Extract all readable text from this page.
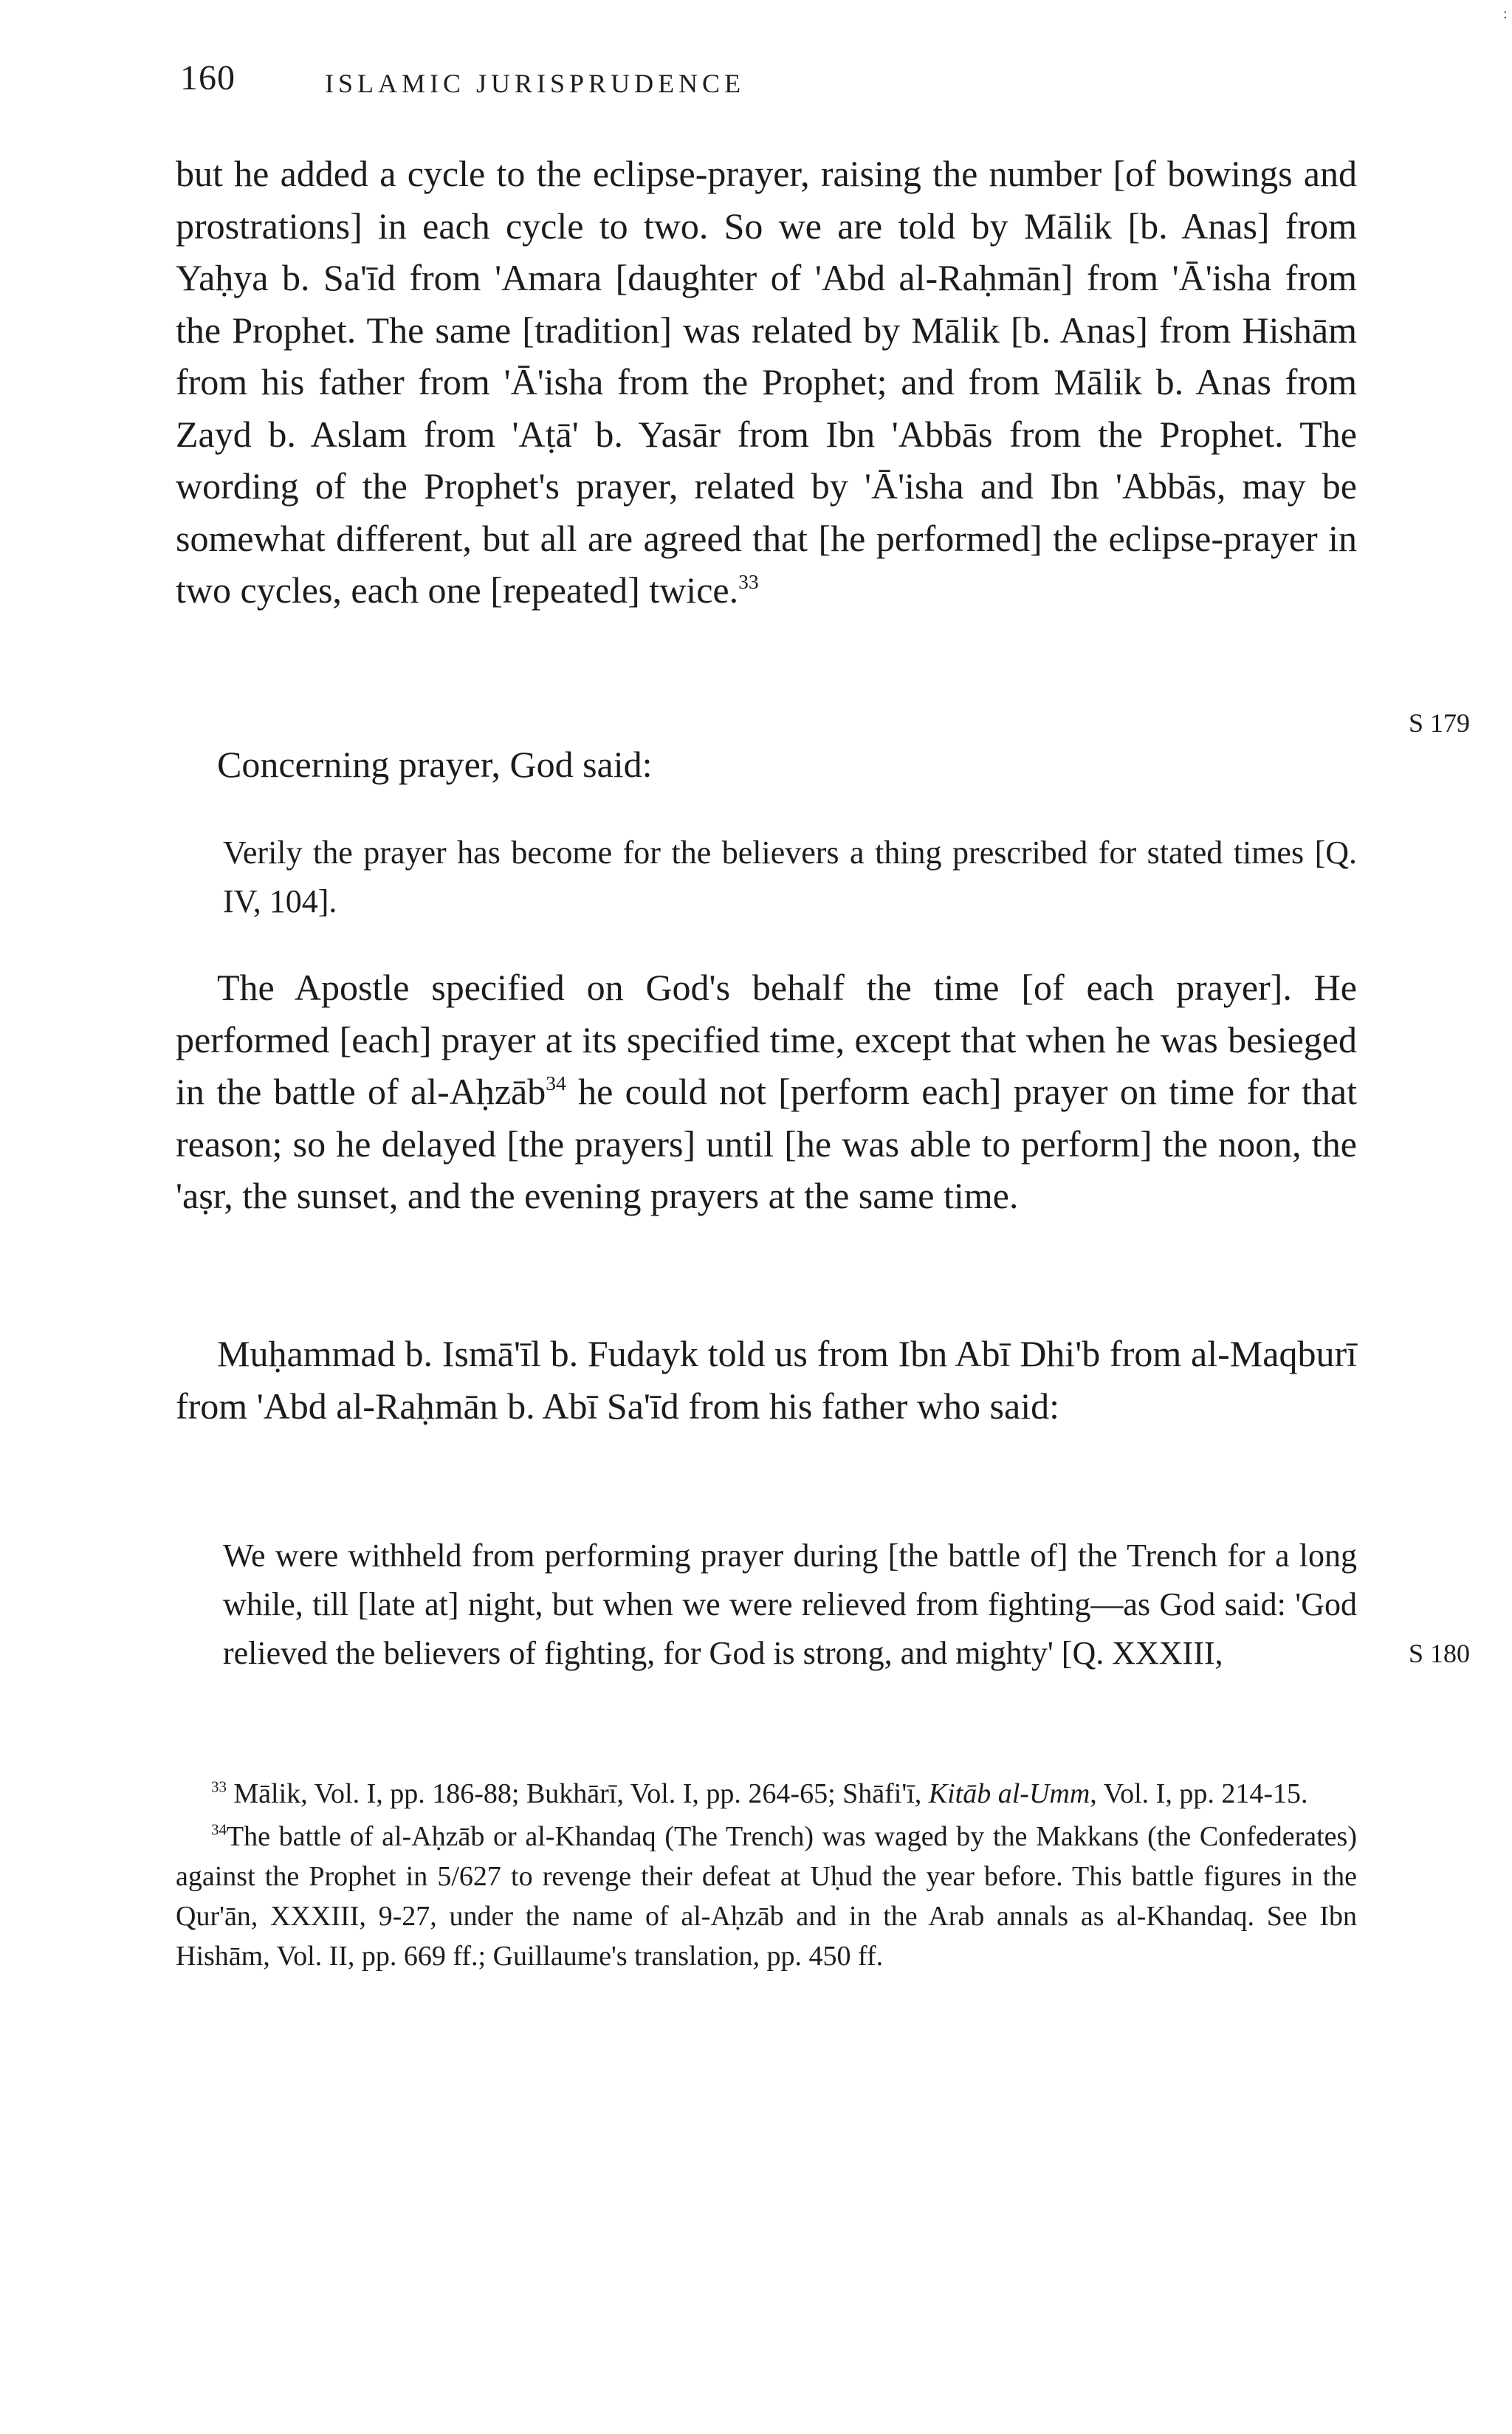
:
160	ISLAMIC JURISPRUDENCE

but he added a cycle to the eclipse-prayer, raising the number [of bowings and prostrations] in each cycle to two. So we are told by Mālik [b. Anas] from Yaḥya b. Sa'īd from 'Amara [daughter of 'Abd al-Raḥmān] from 'Ā'isha from the Prophet. The same [tradition] was related by Mālik [b. Anas] from Hishām from his father from 'Ā'isha from the Prophet; and from Mālik b. Anas from Zayd b. Aslam from 'Aṭā' b. Yasār from Ibn 'Abbās from the Prophet. The wording of the Prophet's prayer, related by 'Ā'isha and Ibn 'Abbās, may be somewhat different, but all are agreed that [he performed] the eclipse-prayer in two cycles, each one [repeated] twice.$^{33}$

S 179

Concerning prayer, God said:

Verily the prayer has become for the believers a thing prescribed for stated times [Q. IV, 104].

The Apostle specified on God's behalf the time [of each prayer]. He performed [each] prayer at its specified time, except that when he was besieged in the battle of al-Aḥzāb$^{34}$ he could not [perform each] prayer on time for that reason; so he delayed [the prayers] until [he was able to perform] the noon, the 'aṣr, the sunset, and the evening prayers at the same time.

Muḥammad b. Ismā'īl b. Fudayk told us from Ibn Abī Dhi'b from al-Maqburī from 'Abd al-Raḥmān b. Abī Sa'īd from his father who said:

We were withheld from performing prayer during [the battle of] the Trench for a long while, till [late at] night, but when we were relieved from fighting—as God said: 'God relieved the believers of fighting, for God is strong, and mighty' [Q. XXXIII,	S 180

$^{33}$ Mālik, Vol. I, pp. 186-88; Bukhārī, Vol. I, pp. 264-65; Shāfi'ī, Kitāb al-Umm, Vol. I, pp. 214-15.

$^{34}$The battle of al-Aḥzāb or al-Khandaq (The Trench) was waged by the Makkans (the Confederates) against the Prophet in 5/627 to revenge their defeat at Uḥud the year before. This battle figures in the Qur'ān, XXXIII, 9-27, under the name of al-Aḥzāb and in the Arab annals as al-Khandaq. See Ibn Hishām, Vol. II, pp. 669 ff.; Guillaume's translation, pp. 450 ff.
